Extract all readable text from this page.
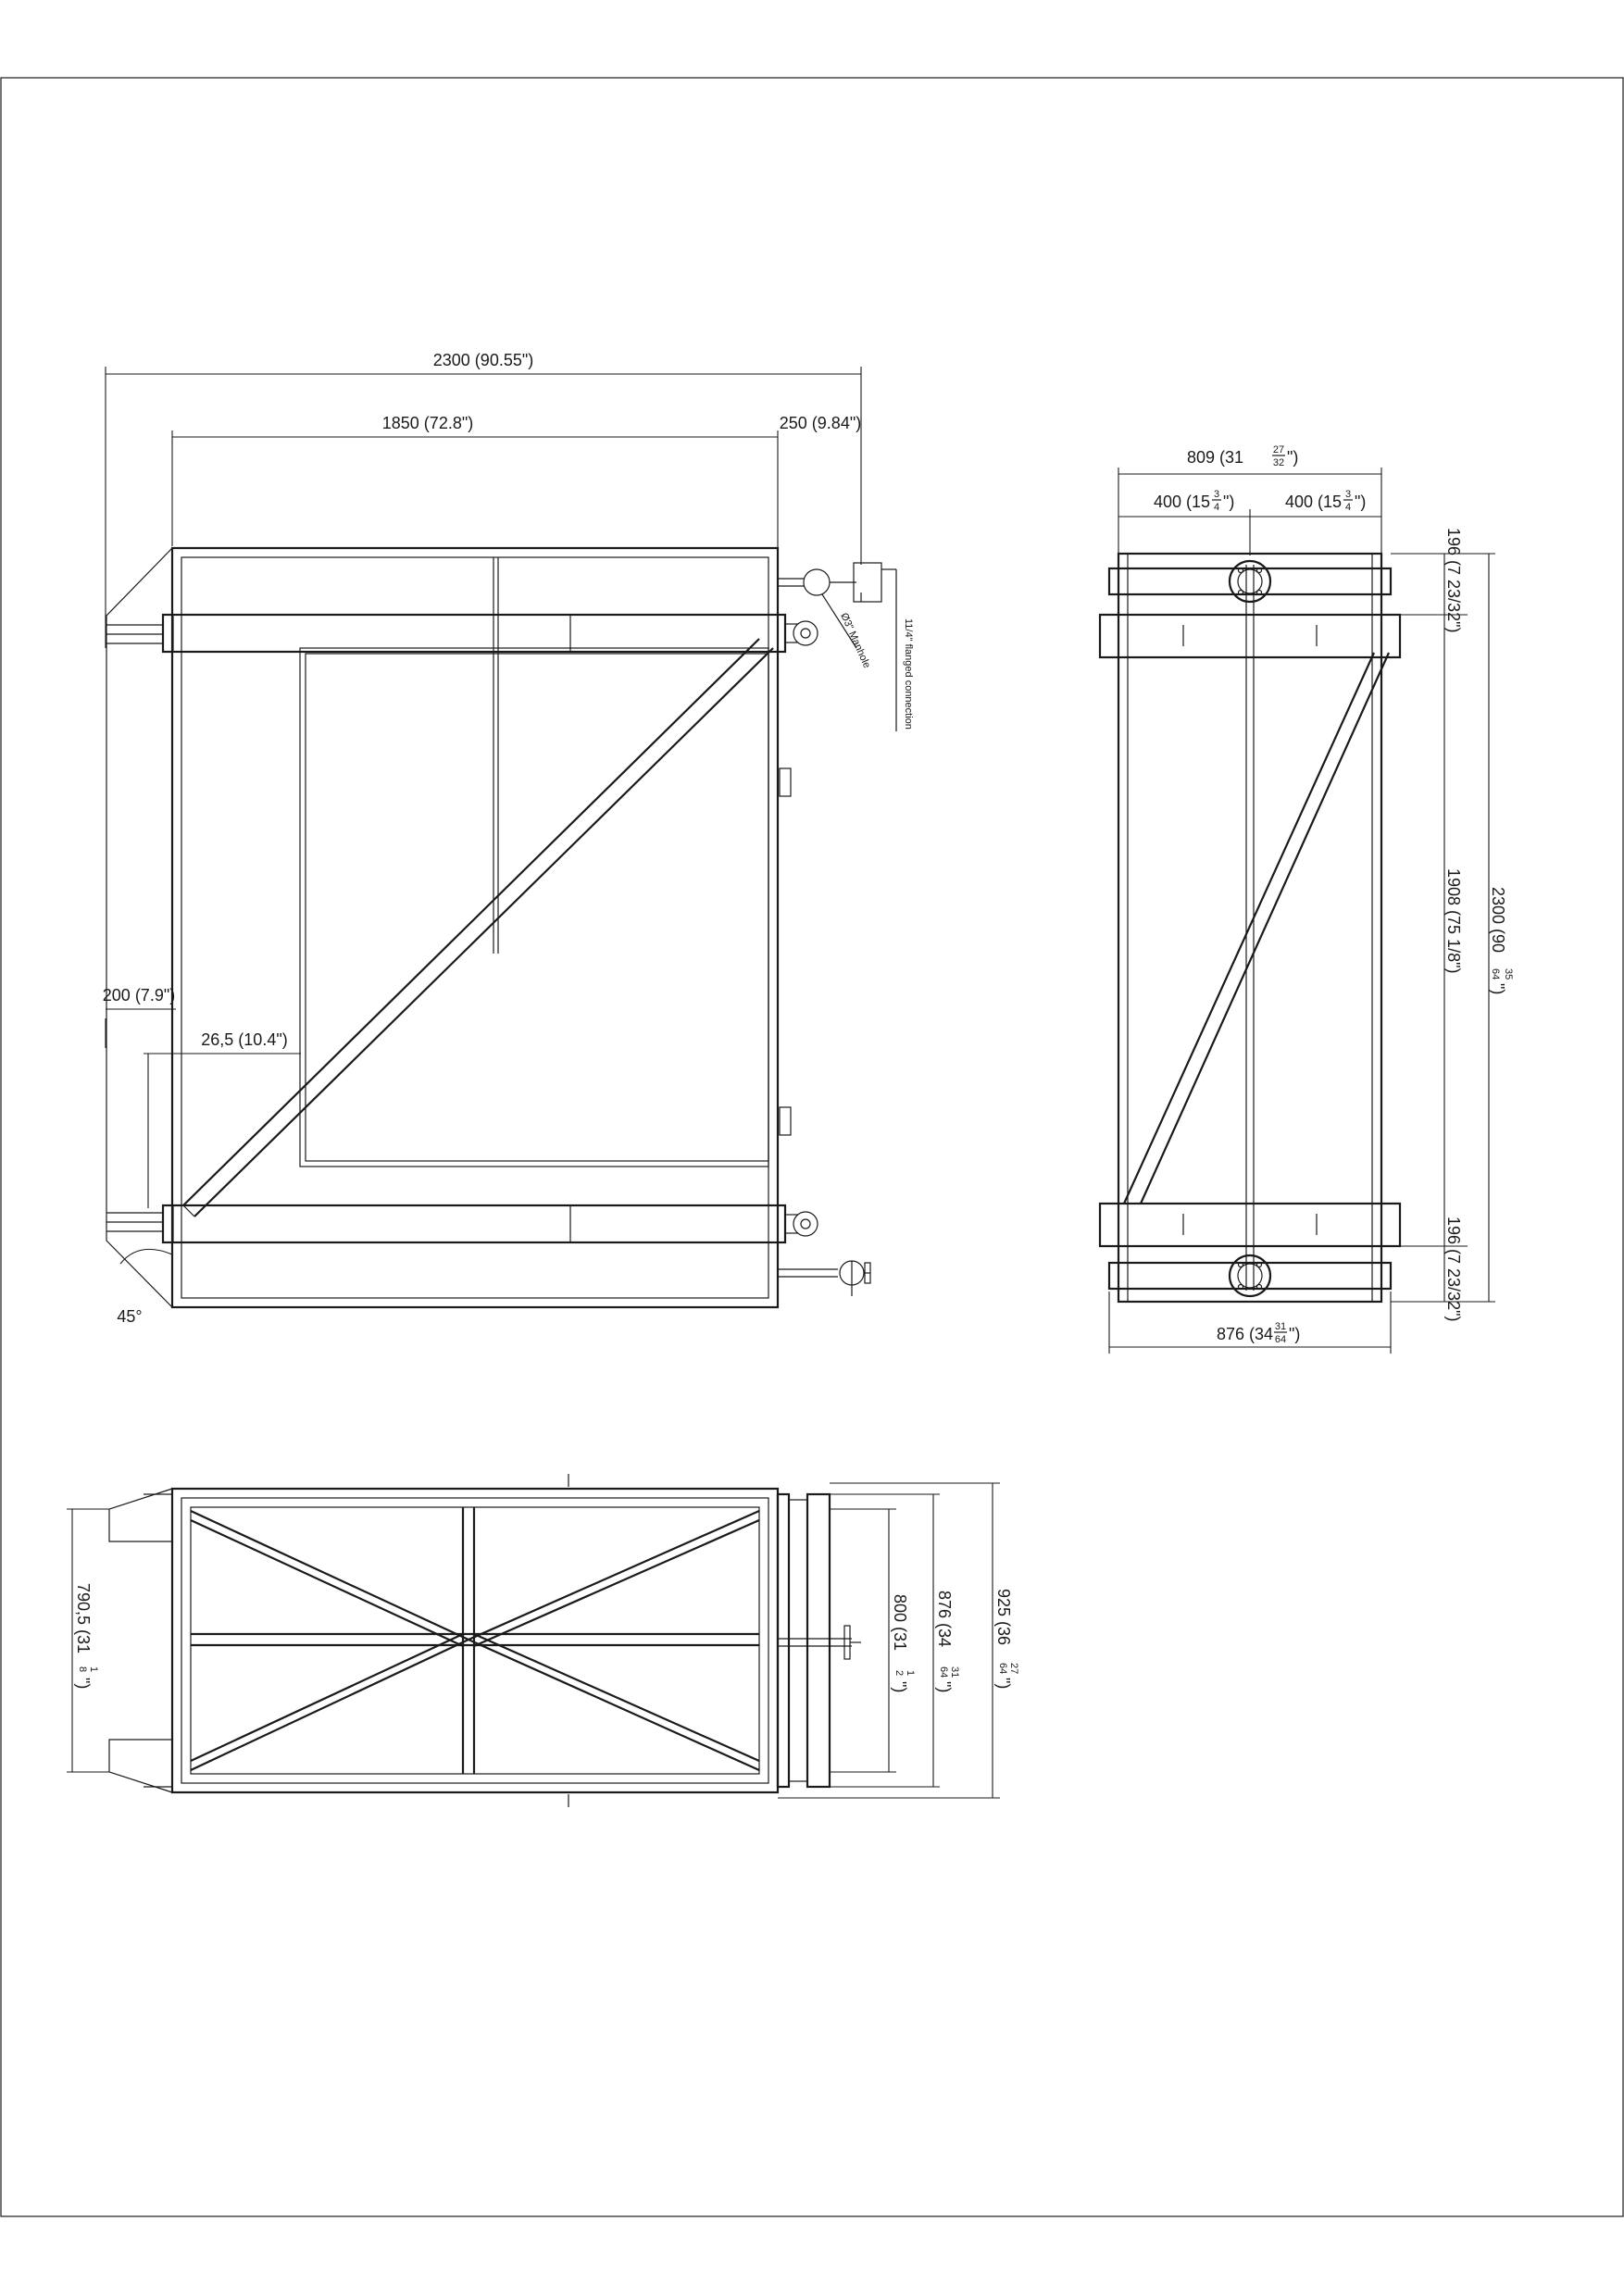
2300 (90.55")
1850 (72.8")	250 (9.84")
Ø3" Manhole	11/4" flanged connection
200 (7.9")
26,5 (10.4")
45°
809 (31	27
32 ")
400 (15 3
4 ")	400 (15 3
4 ")
196 (7 23/32")
1908 (75 1/8")
196 (7 23/32")
2300 (90
35
64
")
876 (34 31
64 ")
790,5 (31
1
8
")
800 (31
1
2
")
876 (34
31
64
")
925 (36
27
64
")
